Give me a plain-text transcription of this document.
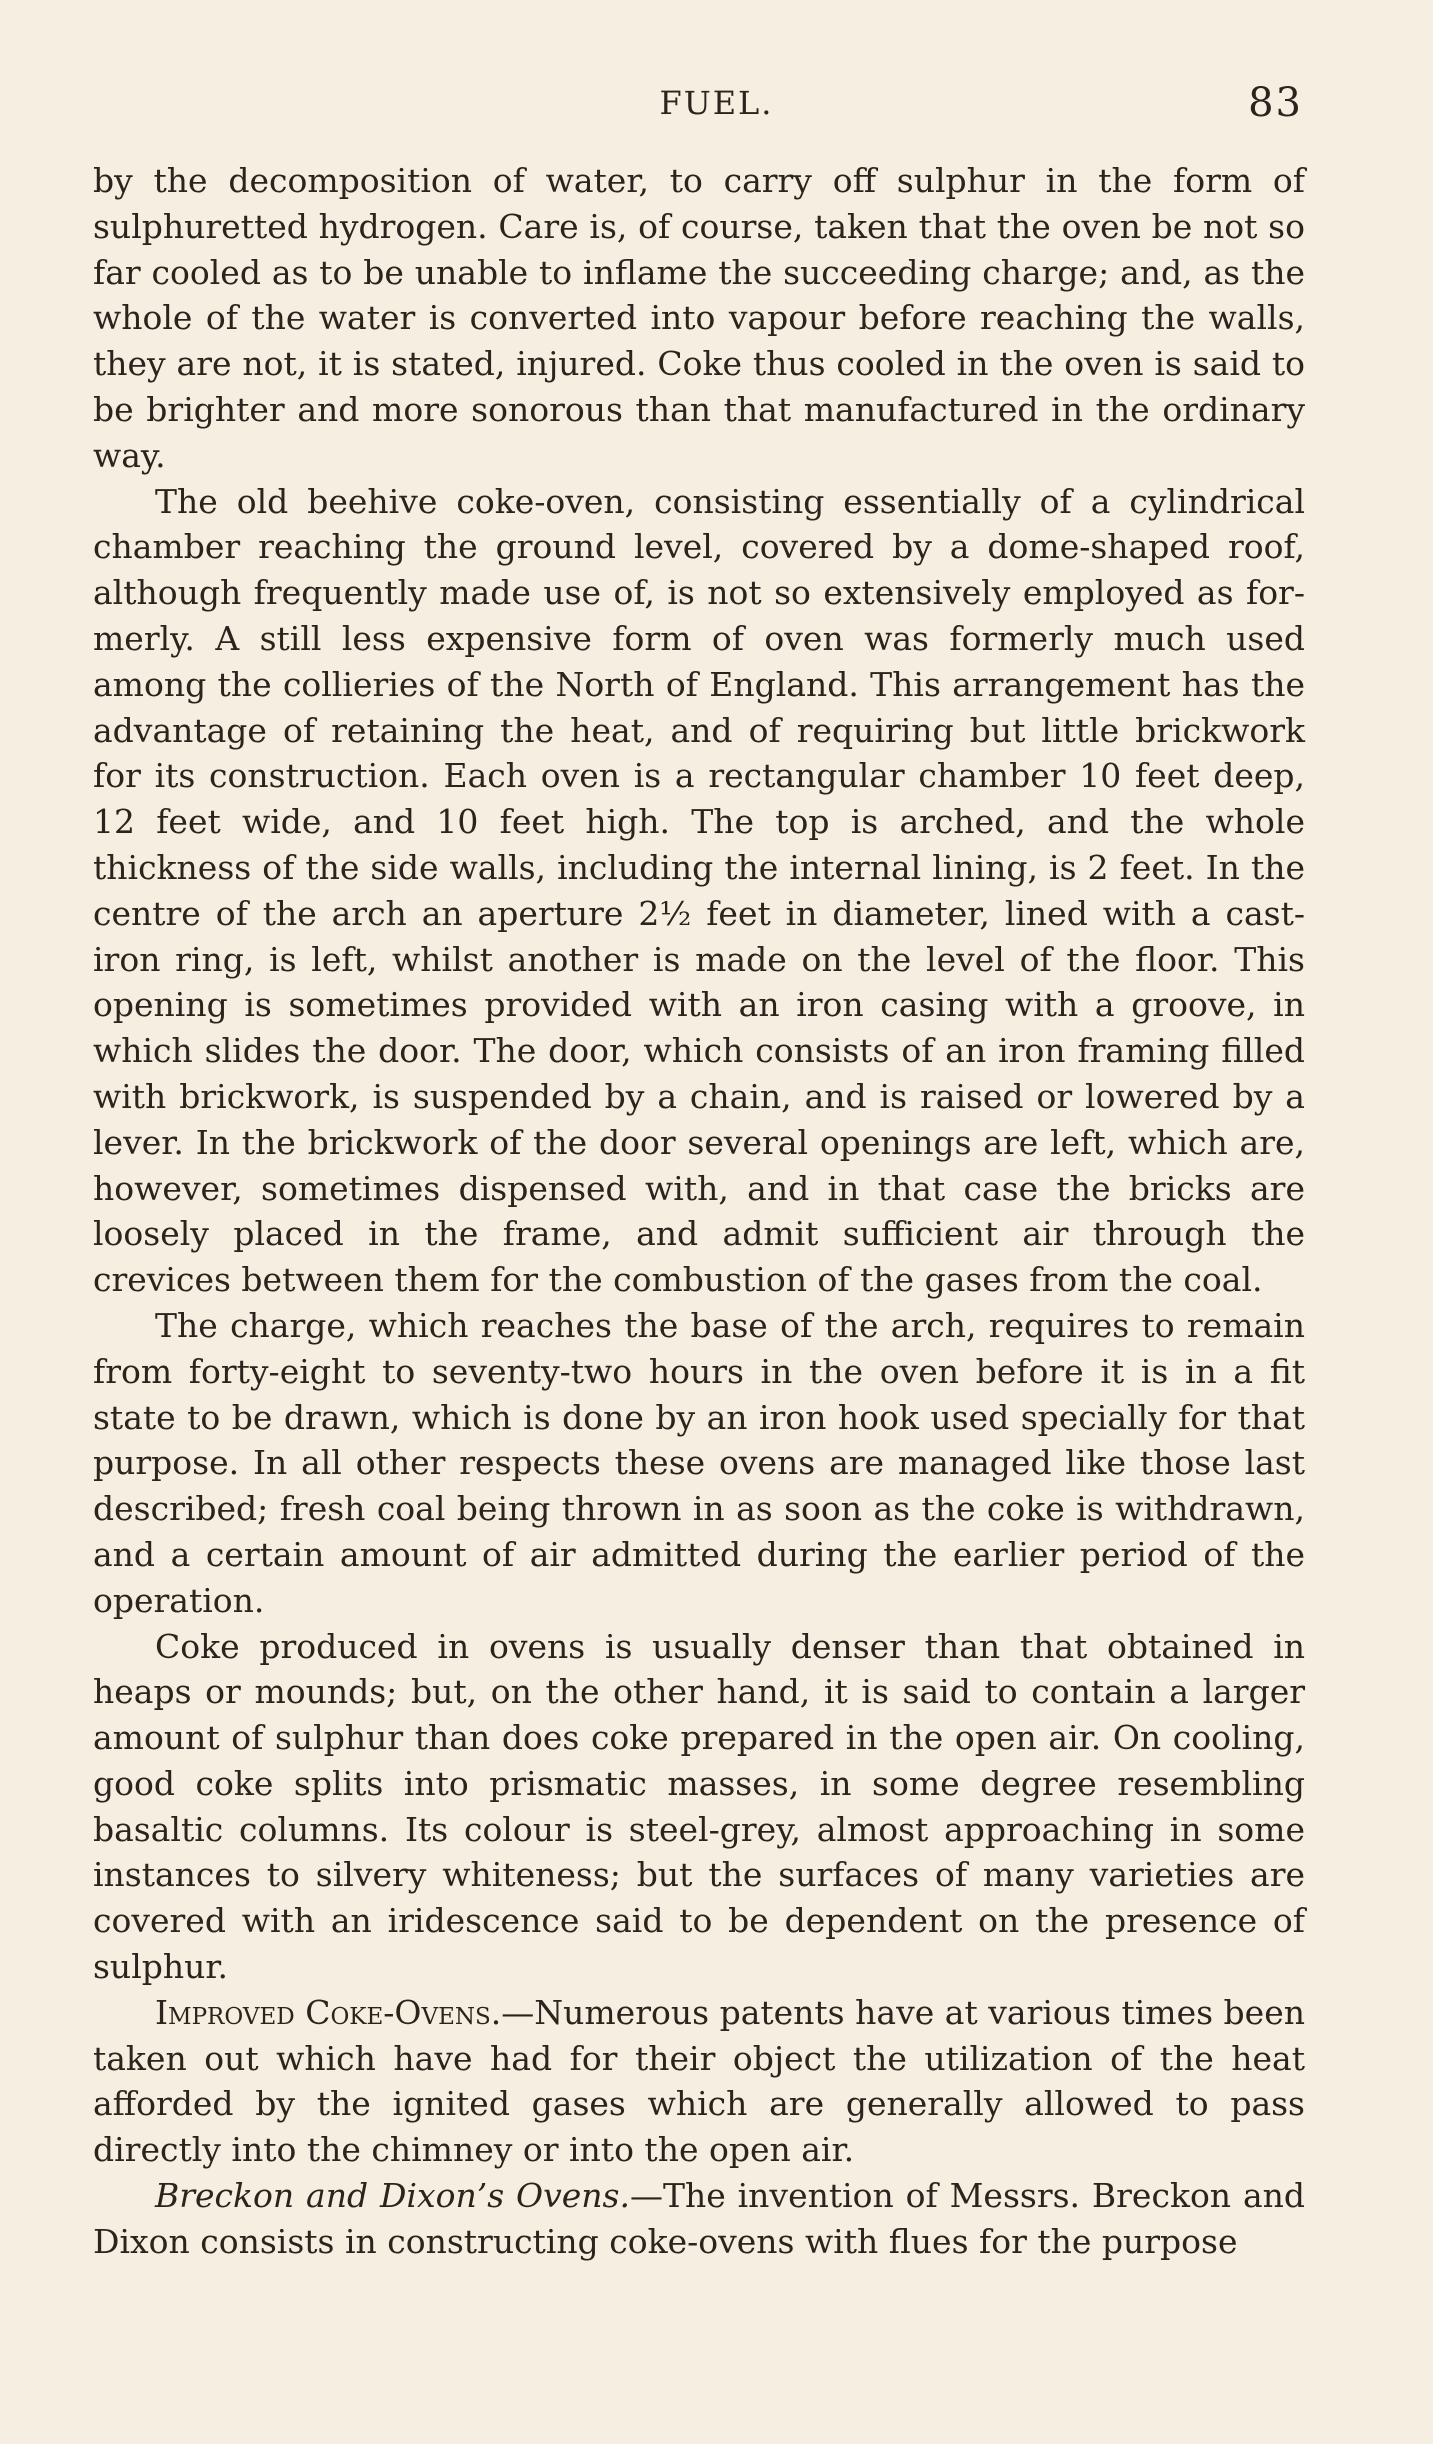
FUEL.	83

by the decomposition of water, to carry off sulphur in the form of sulphuretted hydrogen. Care is, of course, taken that the oven be not so far cooled as to be unable to inflame the succeeding charge; and, as the whole of the water is converted into vapour before reaching the walls, they are not, it is stated, injured. Coke thus cooled in the oven is said to be brighter and more sonorous than that manufactured in the ordinary way.

The old beehive coke-oven, consisting essentially of a cylindrical chamber reaching the ground level, covered by a dome-shaped roof, although frequently made use of, is not so extensively employed as formerly. A still less expensive form of oven was formerly much used among the collieries of the North of England. This arrangement has the advantage of retaining the heat, and of requiring but little brickwork for its construction. Each oven is a rectangular chamber 10 feet deep, 12 feet wide, and 10 feet high. The top is arched, and the whole thickness of the side walls, including the internal lining, is 2 feet. In the centre of the arch an aperture 2½ feet in diameter, lined with a cast-iron ring, is left, whilst another is made on the level of the floor. This opening is sometimes provided with an iron casing with a groove, in which slides the door. The door, which consists of an iron framing filled with brickwork, is suspended by a chain, and is raised or lowered by a lever. In the brickwork of the door several openings are left, which are, however, sometimes dispensed with, and in that case the bricks are loosely placed in the frame, and admit sufficient air through the crevices between them for the combustion of the gases from the coal.

The charge, which reaches the base of the arch, requires to remain from forty-eight to seventy-two hours in the oven before it is in a fit state to be drawn, which is done by an iron hook used specially for that purpose. In all other respects these ovens are managed like those last described; fresh coal being thrown in as soon as the coke is withdrawn, and a certain amount of air admitted during the earlier period of the operation.

Coke produced in ovens is usually denser than that obtained in heaps or mounds; but, on the other hand, it is said to contain a larger amount of sulphur than does coke prepared in the open air. On cooling, good coke splits into prismatic masses, in some degree resembling basaltic columns. Its colour is steel-grey, almost approaching in some instances to silvery whiteness; but the surfaces of many varieties are covered with an iridescence said to be dependent on the presence of sulphur.

Improved Coke-Ovens.—Numerous patents have at various times been taken out which have had for their object the utilization of the heat afforded by the ignited gases which are generally allowed to pass directly into the chimney or into the open air.

Breckon and Dixon’s Ovens.—The invention of Messrs. Breckon and Dixon consists in constructing coke-ovens with flues for the purpose
